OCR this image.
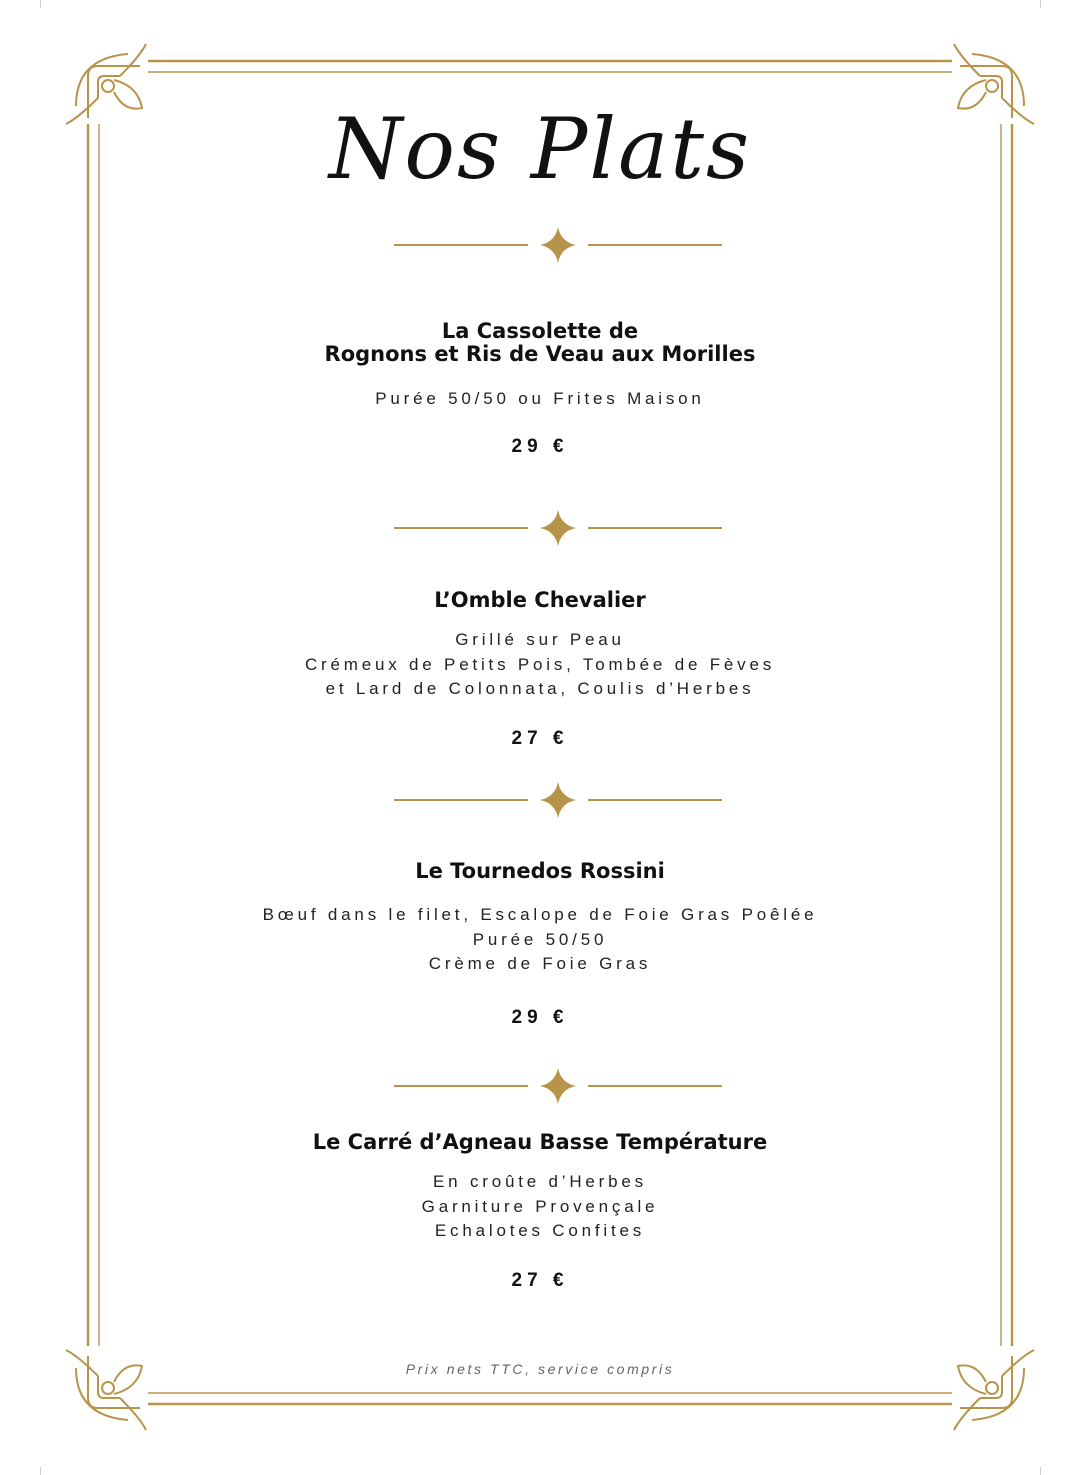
Nos Plats
La Cassolette de
Rognons et Ris de Veau aux Morilles

Purée 50/50 ou Frites Maison

29 €

L’Omble Chevalier

Grillé sur Peau
Crémeux de Petits Pois, Tombée de Fèves
et Lard de Colonnata, Coulis d’Herbes

27 €

Le Tournedos Rossini

Bœuf dans le filet, Escalope de Foie Gras Poêlée
Purée 50/50
Crème de Foie Gras

29 €

Le Carré d’Agneau Basse Température

En croûte d’Herbes
Garniture Provençale
Echalotes Confites

27 €

Prix nets TTC, service compris
